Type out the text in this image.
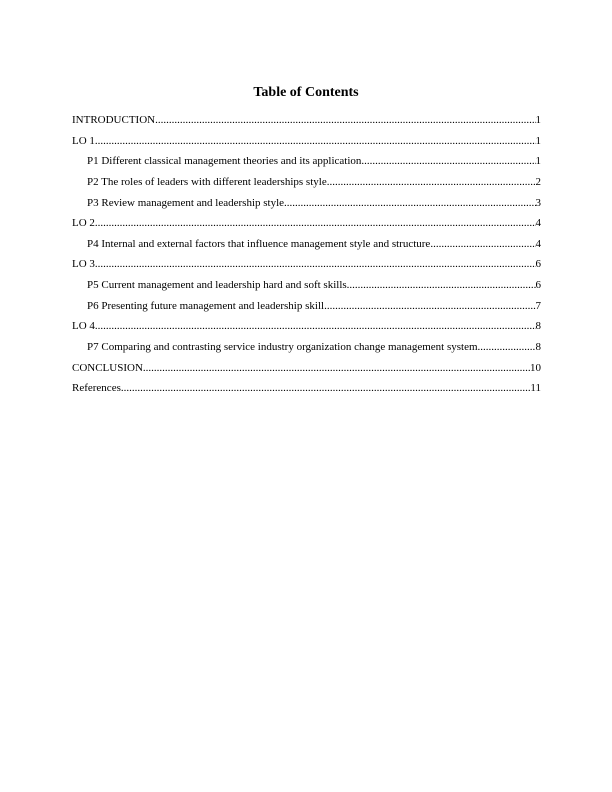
Table of Contents
INTRODUCTION .....	1
LO 1 .....	1
P1 Different classical management theories and its application .....	1
P2 The roles of leaders with different leaderships style .....	2
P3 Review management and leadership style .....	3
LO 2 .....	4
P4 Internal and external factors that influence management style and structure .....	4
LO 3 .....	6
P5 Current management and leadership hard and soft skills .....	6
P6 Presenting future management and leadership skill .....	7
LO 4 .....	8
P7 Comparing and contrasting service industry organization change management system .....	8
CONCLUSION .....	10
References .....	11
